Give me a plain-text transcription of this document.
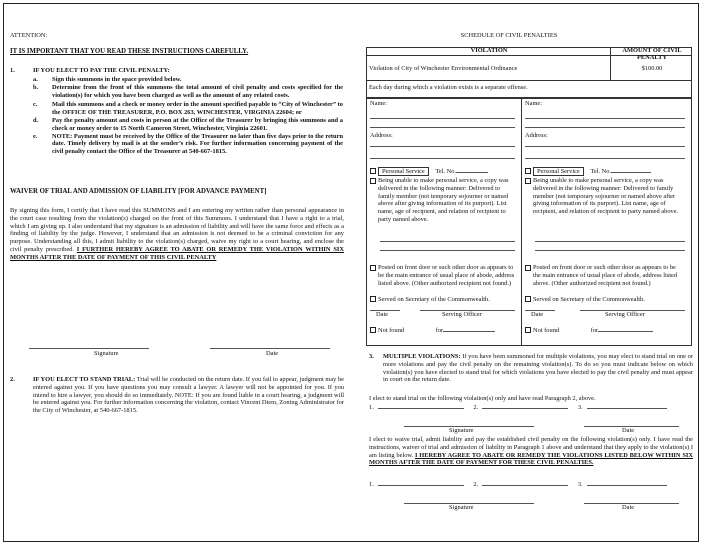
ATTENTION:
IT IS IMPORTANT THAT YOU READ THESE INSTRUCTIONS CAREFULLY.
1.	IF YOU ELECT TO PAY THE CIVIL PENALTY:
a.	Sign this summons in the space provided below.
b.	Determine from the front of this summons the total amount of civil penalty and costs specified for the violation(s) for which you have been charged as well as the amount of any related costs.
c.	Mail this summons and a check or money order in the amount specified payable to “City of Winchester” to the OFFICE OF THE TREASURER, P.O. BOX 263, WINCHESTER, VIRGINIA 22604; or
d.	Pay the penalty amount and costs in person at the Office of the Treasurer by bringing this summons and a check or money order to 15 North Cameron Street, Winchester, Virginia 22601.
e.	NOTE: Payment must be received by the Office of the Treasurer no later than five days prior to the return date. Timely delivery by mail is at the sender’s risk. For further information concerning payment of the civil penalty contact the Office of the Treasurer at 540-667-1815.
WAIVER OF TRIAL AND ADMISSION OF LIABILITY [FOR ADVANCE PAYMENT]
By signing this form, I certify that I have read this SUMMONS and I am entering my written rather than personal appearance in the court case resulting from the violation(s) charged on the front of this Summons. I understand that I have a right to a trial, which I am giving up. I also understand that my signature is an admission of liability and will have the same force and effects as a finding of liability by the judge. However, I understand that an admission is not deemed to be a criminal conviction for any purpose. Understanding all this, I admit liability to the violation(s) charged, waive my right to a court hearing, and enclose the civil penalty prescribed. I FURTHER HEREBY AGREE TO ABATE OR REMEDY THE VIOLATION WITHIN SIX MONTHS AFTER THE DATE OF PAYMENT OF THIS CIVIL PENALTY
Signature	Date
2.	IF YOU ELECT TO STAND TRIAL: Trial will be conducted on the return date. If you fail to appear, judgment may be entered against you. If you have questions you may consult a lawyer. A lawyer will not be appointed for you. If you intend to hire a lawyer, you should do so immediately. NOTE: If you are found liable in a court hearing, a judgment will be entered against you. For further information concerning the violation, contact Vincent Diem, Zoning Administrator for the City of Winchester, at 540-667-1815.
SCHEDULE OF CIVIL PENALTIES
VIOLATION	AMOUNT OF CIVIL PENALTY
Violation of City of Winchester Environmental Ordinance	$100.00
Each day during which a violation exists is a separate offense.
Name:
Address:
Personal Service Tel. No.
Being unable to make personal service, a copy was delivered in the following manner: Delivered to family member (not temporary sojourner or named above after giving information of its purport). List name, age of recipient, and relation of recipient to party named above.
Posted on front door or such other door as appears to be the main entrance of usual place of abode, address listed above. (Other authorized recipient not found.)
Served on Secretary of the Commonwealth.
Date	Serving Officer
Not found	for
Name:
Address:
Personal Service Tel. No.
Being unable to make personal service, a copy was delivered in the following manner: Delivered to family member (not temporary sojourner or named above after giving information of its purport). List name, age of recipient, and relation of recipient to party named above.
Posted on front door or such other door as appears to be the main entrance of usual place of abode, address listed above. (Other authorized recipient not found.)
Served on Secretary of the Commonwealth.
Date	Serving Officer
Not found	for
3.	MULTIPLE VIOLATIONS: If you have been summoned for multiple violations, you may elect to stand trial on one or more violations and pay the civil penalty on the remaining violation(s). To do so you must indicate below on which violation(s) you have elected to stand trial for which violations you have elected to pay the civil penalty and must appear in court on the return date.
I elect to stand trial on the following violation(s) only and have read Paragraph 2, above.
1.	2.	3.
Signature	Date
I elect to waive trial, admit liability and pay the established civil penalty on the following violation(s) only. I have read the instructions, waiver of trial and admission of liability in Paragraph 1 above and understand that they apply to the violation(s) I am listing below. I HEREBY AGREE TO ABATE OR REMEDY THE VIOLATIONS LISTED BELOW WITHIN SIX MONTHS AFTER THE DATE OF PAYMENT FOR THESE CIVIL PENALTIES.
1.	2.	3.
Signature	Date
